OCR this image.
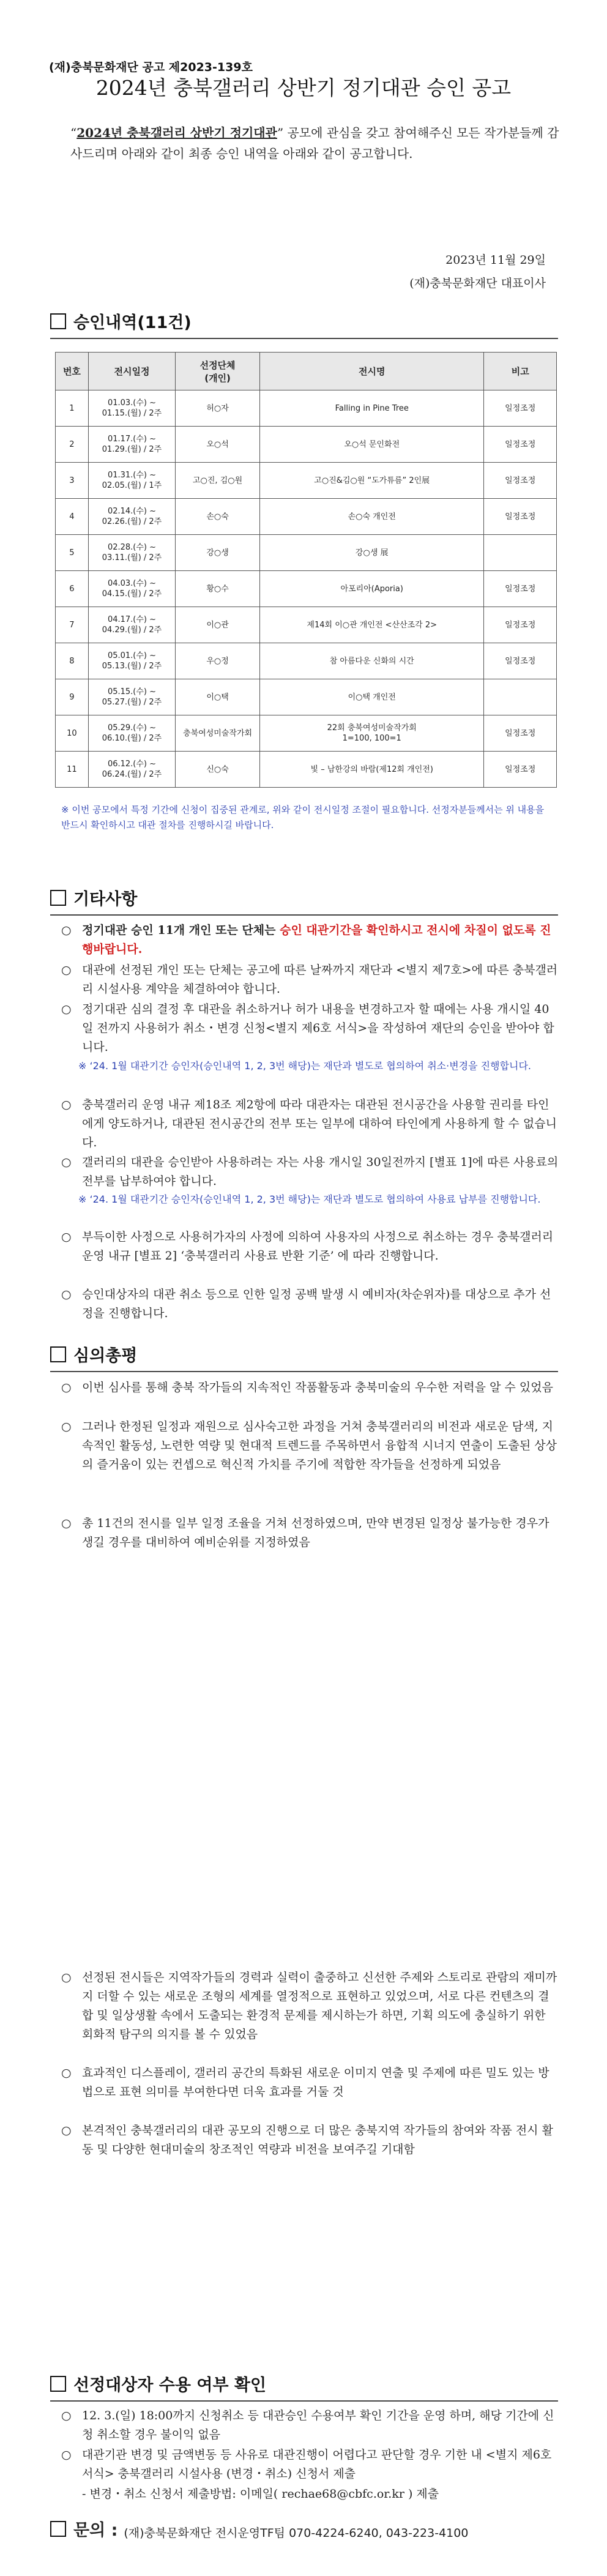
(재)충북문화재단 공고 제2023-139호
2024년 충북갤러리 상반기 정기대관 승인 공고
“2024년 충북갤러리 상반기 정기대관” 공모에 관심을 갖고 참여해주신 모든 작가분들께 감사드리며 아래와 같이 최종 승인 내역을 아래와 같이 공고합니다.
2023년 11월 29일
(재)충북문화재단 대표이사
승인내역(11건)
번호	전시일정	선정단체
(개인)	전시명	비고
1	01.03.(수) ~
01.15.(월) / 2주	허○자	Falling in Pine Tree	일정조정
2	01.17.(수) ~
01.29.(월) / 2주	오○석	오○석 문인화전	일정조정
3	01.31.(수) ~
02.05.(월) / 1주	고○진, 김○원	고○진&김○원 “도가튜름” 2인展	일정조정
4	02.14.(수) ~
02.26.(월) / 2주	손○숙	손○숙 개인전	일정조정
5	02.28.(수) ~
03.11.(월) / 2주	강○생	강○생 展	
6	04.03.(수) ~
04.15.(월) / 2주	황○수	아포리아(Aporia)	일정조정
7	04.17.(수) ~
04.29.(월) / 2주	이○관	제14회 이○관 개인전 <산산조각 2>	일정조정
8	05.01.(수) ~
05.13.(월) / 2주	우○정	참 아름다운 신화의 시간	일정조정
9	05.15.(수) ~
05.27.(월) / 2주	이○택	이○택 개인전	
10	05.29.(수) ~
06.10.(월) / 2주	충북여성미술작가회	22회 충북여성미술작가회
1=100, 100=1	일정조정
11	06.12.(수) ~
06.24.(월) / 2주	신○숙	빛 – 남한강의 바람(제12회 개인전)	일정조정
※ 이번 공모에서 특정 기간에 신청이 집중된 관계로, 위와 같이 전시일정 조절이 필요합니다. 선정자분들께서는 위 내용을 반드시 확인하시고 대관 절차를 진행하시길 바랍니다.
기타사항
○ 정기대관 승인 11개 개인 또는 단체는 승인 대관기간을 확인하시고 전시에 차질이 없도록 진행바랍니다.
○ 대관에 선정된 개인 또는 단체는 공고에 따른 날짜까지 재단과 <별지 제7호>에 따른 충북갤러리 시설사용 계약을 체결하여야 합니다.
○ 정기대관 심의 결정 후 대관을 취소하거나 허가 내용을 변경하고자 할 때에는 사용 개시일 40일 전까지 사용허가 취소・변경 신청<별지 제6호 서식>을 작성하여 재단의 승인을 받아야 합니다.
※ ‘24. 1월 대관기간 승인자(승인내역 1, 2, 3번 해당)는 재단과 별도로 협의하여 취소·변경을 진행합니다.
○ 충북갤러리 운영 내규 제18조 제2항에 따라 대관자는 대관된 전시공간을 사용할 권리를 타인에게 양도하거나, 대관된 전시공간의 전부 또는 일부에 대하여 타인에게 사용하게 할 수 없습니다.
○ 갤러리의 대관을 승인받아 사용하려는 자는 사용 개시일 30일전까지 [별표 1]에 따른 사용료의 전부를 납부하여야 합니다.
※ ‘24. 1월 대관기간 승인자(승인내역 1, 2, 3번 해당)는 재단과 별도로 협의하여 사용료 납부를 진행합니다.
○ 부득이한 사정으로 사용허가자의 사정에 의하여 사용자의 사정으로 취소하는 경우 충북갤러리 운영 내규 [별표 2] ‘충북갤러리 사용료 반환 기준’ 에 따라 진행합니다.
○ 승인대상자의 대관 취소 등으로 인한 일정 공백 발생 시 예비자(차순위자)를 대상으로 추가 선정을 진행합니다.
심의총평
○ 이번 심사를 통해 충북 작가들의 지속적인 작품활동과 충북미술의 우수한 저력을 알 수 있었음
○ 그러나 한정된 일정과 재원으로 심사숙고한 과정을 거쳐 충북갤러리의 비전과 새로운 담색, 지속적인 활동성, 노련한 역량 및 현대적 트렌드를 주목하면서 융합적 시너지 연출이 도출된 상상의 즐거움이 있는 컨셉으로 혁신적 가치를 주기에 적합한 작가들을 선정하게 되었음
○ 총 11건의 전시를 일부 일정 조율을 거쳐 선정하였으며, 만약 변경된 일정상 불가능한 경우가 생길 경우를 대비하여 예비순위를 지정하였음
○ 선정된 전시들은 지역작가들의 경력과 실력이 출중하고 신선한 주제와 스토리로 관람의 재미까지 더할 수 있는 새로운 조형의 세계를 열정적으로 표현하고 있었으며, 서로 다른 컨텐츠의 결합 및 일상생활 속에서 도출되는 환경적 문제를 제시하는가 하면, 기획 의도에 충실하기 위한 회화적 탐구의 의지를 볼 수 있었음
○ 효과적인 디스플레이, 갤러리 공간의 특화된 새로운 이미지 연출 및 주제에 따른 밀도 있는 방법으로 표현 의미를 부여한다면 더욱 효과를 거둘 것
○ 본격적인 충북갤러리의 대관 공모의 진행으로 더 많은 충북지역 작가들의 참여와 작품 전시 활동 및 다양한 현대미술의 창조적인 역량과 비전을 보여주길 기대함
선정대상자 수용 여부 확인
○ 12. 3.(일) 18:00까지 신청취소 등 대관승인 수용여부 확인 기간을 운영 하며, 해당 기간에 신청 취소할 경우 불이익 없음
○ 대관기관 변경 및 금액변동 등 사유로 대관진행이 어렵다고 판단할 경우 기한 내 <별지 제6호 서식> 충북갤러리 시설사용 (변경・취소) 신청서 제출
- 변경・취소 신청서 제출방법: 이메일( rechae68@cbfc.or.kr ) 제출
문의 : (재)충북문화재단 전시운영TF팀 070-4224-6240, 043-223-4100
